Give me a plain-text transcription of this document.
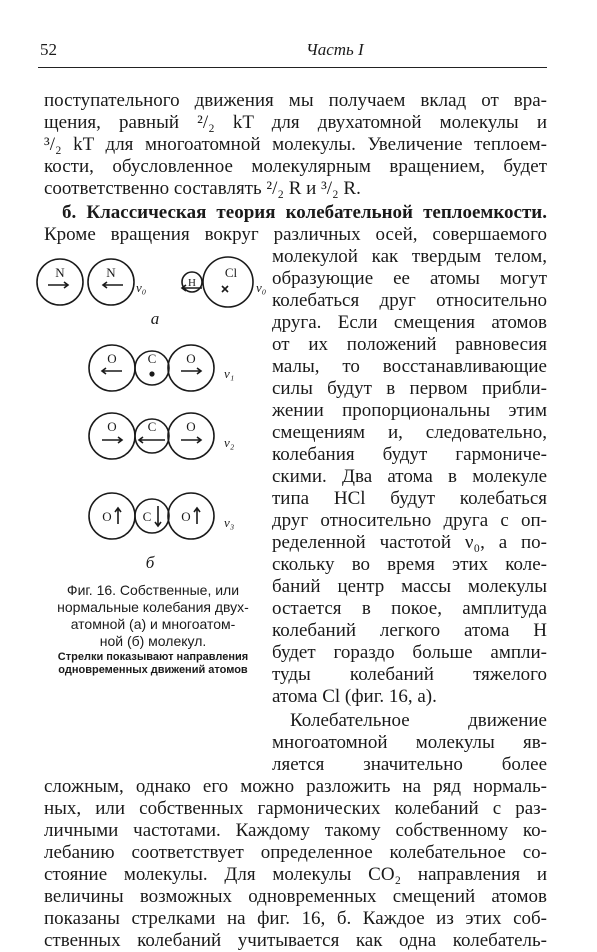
52	Часть I
поступательного движения мы получаем вклад от вра-
щения, равный ²/₂ kT для двухатомной молекулы и
³/₂ kT для многоатомной молекулы. Увеличение теплоем-
кости, обусловленное молекулярным вращением, будет
соответственно составлять ²/₂ R и ³/₂ R.
б. Классическая теория колебательной теплоемкости.
Кроме вращения вокруг различных осей, совершаемого
молекулой как твердым телом,
образующие ее атомы могут
колебаться друг относительно
друга. Если смещения атомов
от их положений равновесия
малы, то восстанавливающие
силы будут в первом прибли-
жении пропорциональны этим
смещениям и, следовательно,
колебания будут гармониче-
скими. Два атома в молекуле
типа HCl будут колебаться
друг относительно друга с оп-
ределенной частотой ν₀, а по-
скольку во время этих коле-
баний центр массы молекулы
остается в покое, амплитуда
колебаний легкого атома H
будет гораздо больше ампли-
туды колебаний тяжелого
атома Cl (фиг. 16, а).
Колебательное движение
многоатомной молекулы яв-
ляется значительно более
сложным, однако его можно разложить на ряд нормаль-
ных, или собственных гармонических колебаний с раз-
личными частотами. Каждому такому собственному ко-
лебанию соответствует определенное колебательное со-
стояние молекулы. Для молекулы CO₂ направления и
величины возможных одновременных смещений атомов
показаны стрелками на фиг. 16, б. Каждое из этих соб-
ственных колебаний учитывается как одна колебатель-
N	N
ν₀	H
Cl
ν₀
а
O C O
ν₁
O C O
ν₂
O C O	ν₃
б
Фиг. 16. Собственные, или
нормальные колебания двух-
атомной (а) и многоатом-
ной (б) молекул.
Стрелки показывают направления
одновременных движений атомов
